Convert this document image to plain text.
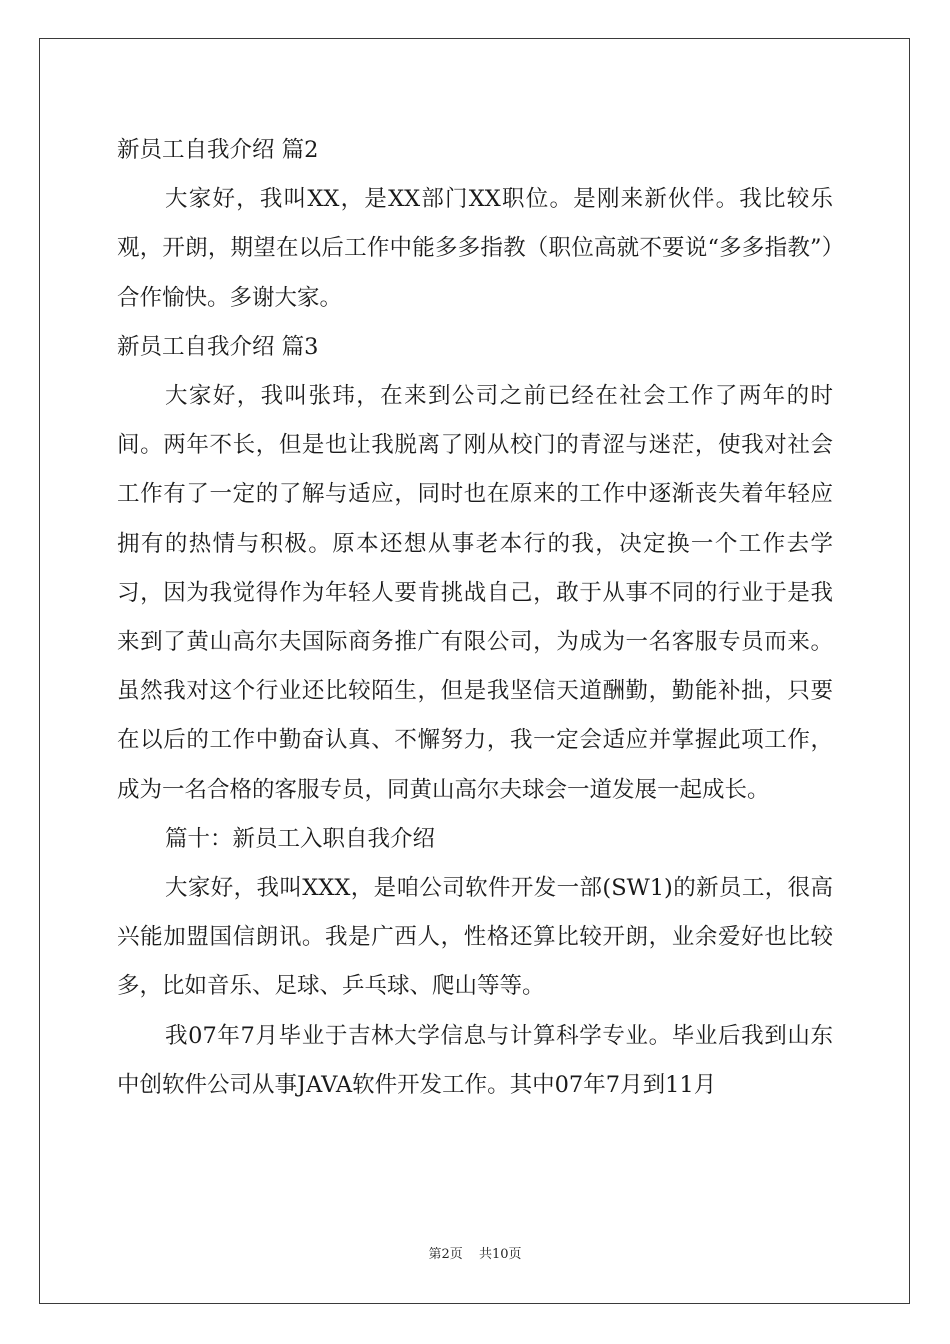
新员工自我介绍 篇2

大家好，我叫XX，是XX部门XX职位。是刚来新伙伴。我比较乐观，开朗，期望在以后工作中能多多指教（职位高就不要说“多多指教”）合作愉快。多谢大家。

新员工自我介绍 篇3

大家好，我叫张玮，在来到公司之前已经在社会工作了两年的时间。两年不长，但是也让我脱离了刚从校门的青涩与迷茫，使我对社会工作有了一定的了解与适应，同时也在原来的工作中逐渐丧失着年轻应拥有的热情与积极。原本还想从事老本行的我，决定换一个工作去学习，因为我觉得作为年轻人要肯挑战自己，敢于从事不同的行业于是我来到了黄山高尔夫国际商务推广有限公司，为成为一名客服专员而来。虽然我对这个行业还比较陌生，但是我坚信天道酬勤，勤能补拙，只要在以后的工作中勤奋认真、不懈努力，我一定会适应并掌握此项工作，成为一名合格的客服专员，同黄山高尔夫球会一道发展一起成长。

篇十：新员工入职自我介绍

大家好，我叫XXX，是咱公司软件开发一部(SW1)的新员工，很高兴能加盟国信朗讯。我是广西人，性格还算比较开朗，业余爱好也比较多，比如音乐、足球、乒乓球、爬山等等。

我07年7月毕业于吉林大学信息与计算科学专业。毕业后我到山东中创软件公司从事JAVA软件开发工作。其中07年7月到11月

第2页 共10页
